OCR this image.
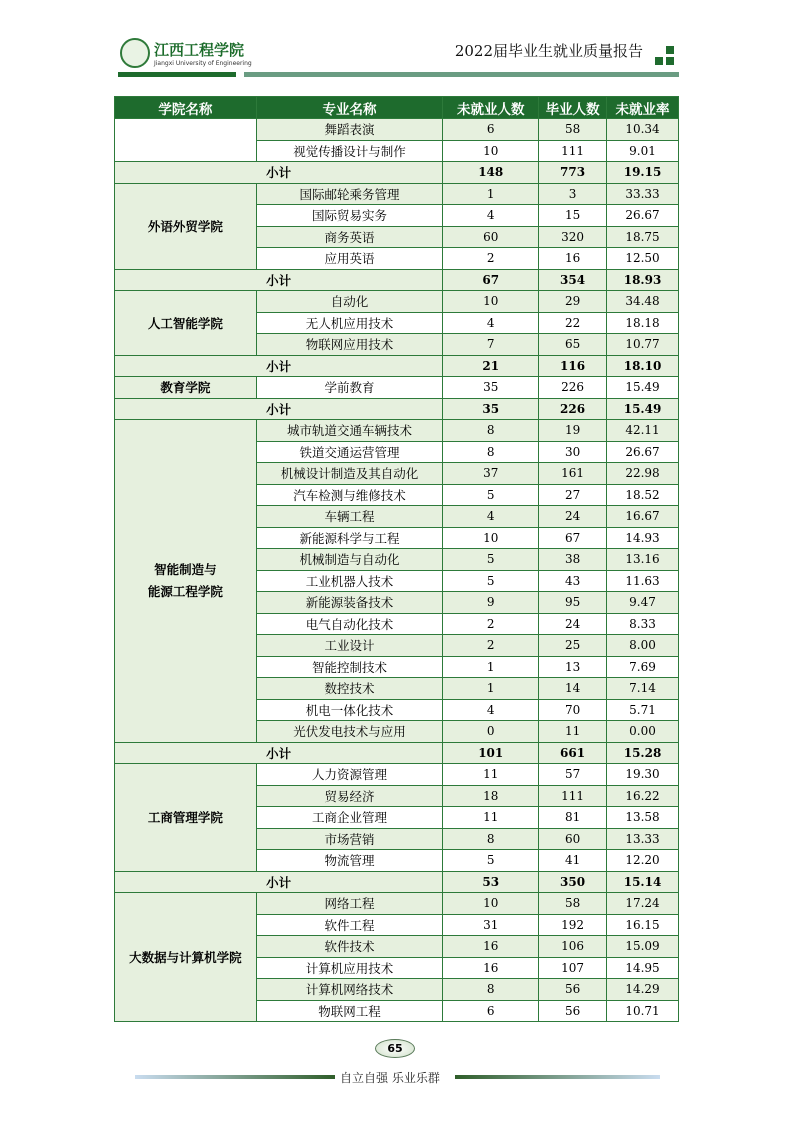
江西工程学院
Jiangxi University of Engineering
2022届毕业生就业质量报告
学院名称	专业名称	未就业人数	毕业人数	未就业率
	舞蹈表演	6	58	10.34
	视觉传播设计与制作	10	111	9.01
小计		148	773	19.15
外语外贸学院	国际邮轮乘务管理	1	3	33.33
	国际贸易实务	4	15	26.67
	商务英语	60	320	18.75
	应用英语	2	16	12.50
小计		67	354	18.93
人工智能学院	自动化	10	29	34.48
	无人机应用技术	4	22	18.18
	物联网应用技术	7	65	10.77
小计		21	116	18.10
教育学院	学前教育	35	226	15.49
小计		35	226	15.49
智能制造与
能源工程学院	城市轨道交通车辆技术	8	19	42.11
	铁道交通运营管理	8	30	26.67
	机械设计制造及其自动化	37	161	22.98
	汽车检测与维修技术	5	27	18.52
	车辆工程	4	24	16.67
	新能源科学与工程	10	67	14.93
	机械制造与自动化	5	38	13.16
	工业机器人技术	5	43	11.63
	新能源装备技术	9	95	9.47
	电气自动化技术	2	24	8.33
	工业设计	2	25	8.00
	智能控制技术	1	13	7.69
	数控技术	1	14	7.14
	机电一体化技术	4	70	5.71
	光伏发电技术与应用	0	11	0.00
小计		101	661	15.28
工商管理学院	人力资源管理	11	57	19.30
	贸易经济	18	111	16.22
	工商企业管理	11	81	13.58
	市场营销	8	60	13.33
	物流管理	5	41	12.20
小计		53	350	15.14
大数据与计算机学院	网络工程	10	58	17.24
	软件工程	31	192	16.15
	软件技术	16	106	15.09
	计算机应用技术	16	107	14.95
	计算机网络技术	8	56	14.29
	物联网工程	6	56	10.71
65
自立自强 乐业乐群
